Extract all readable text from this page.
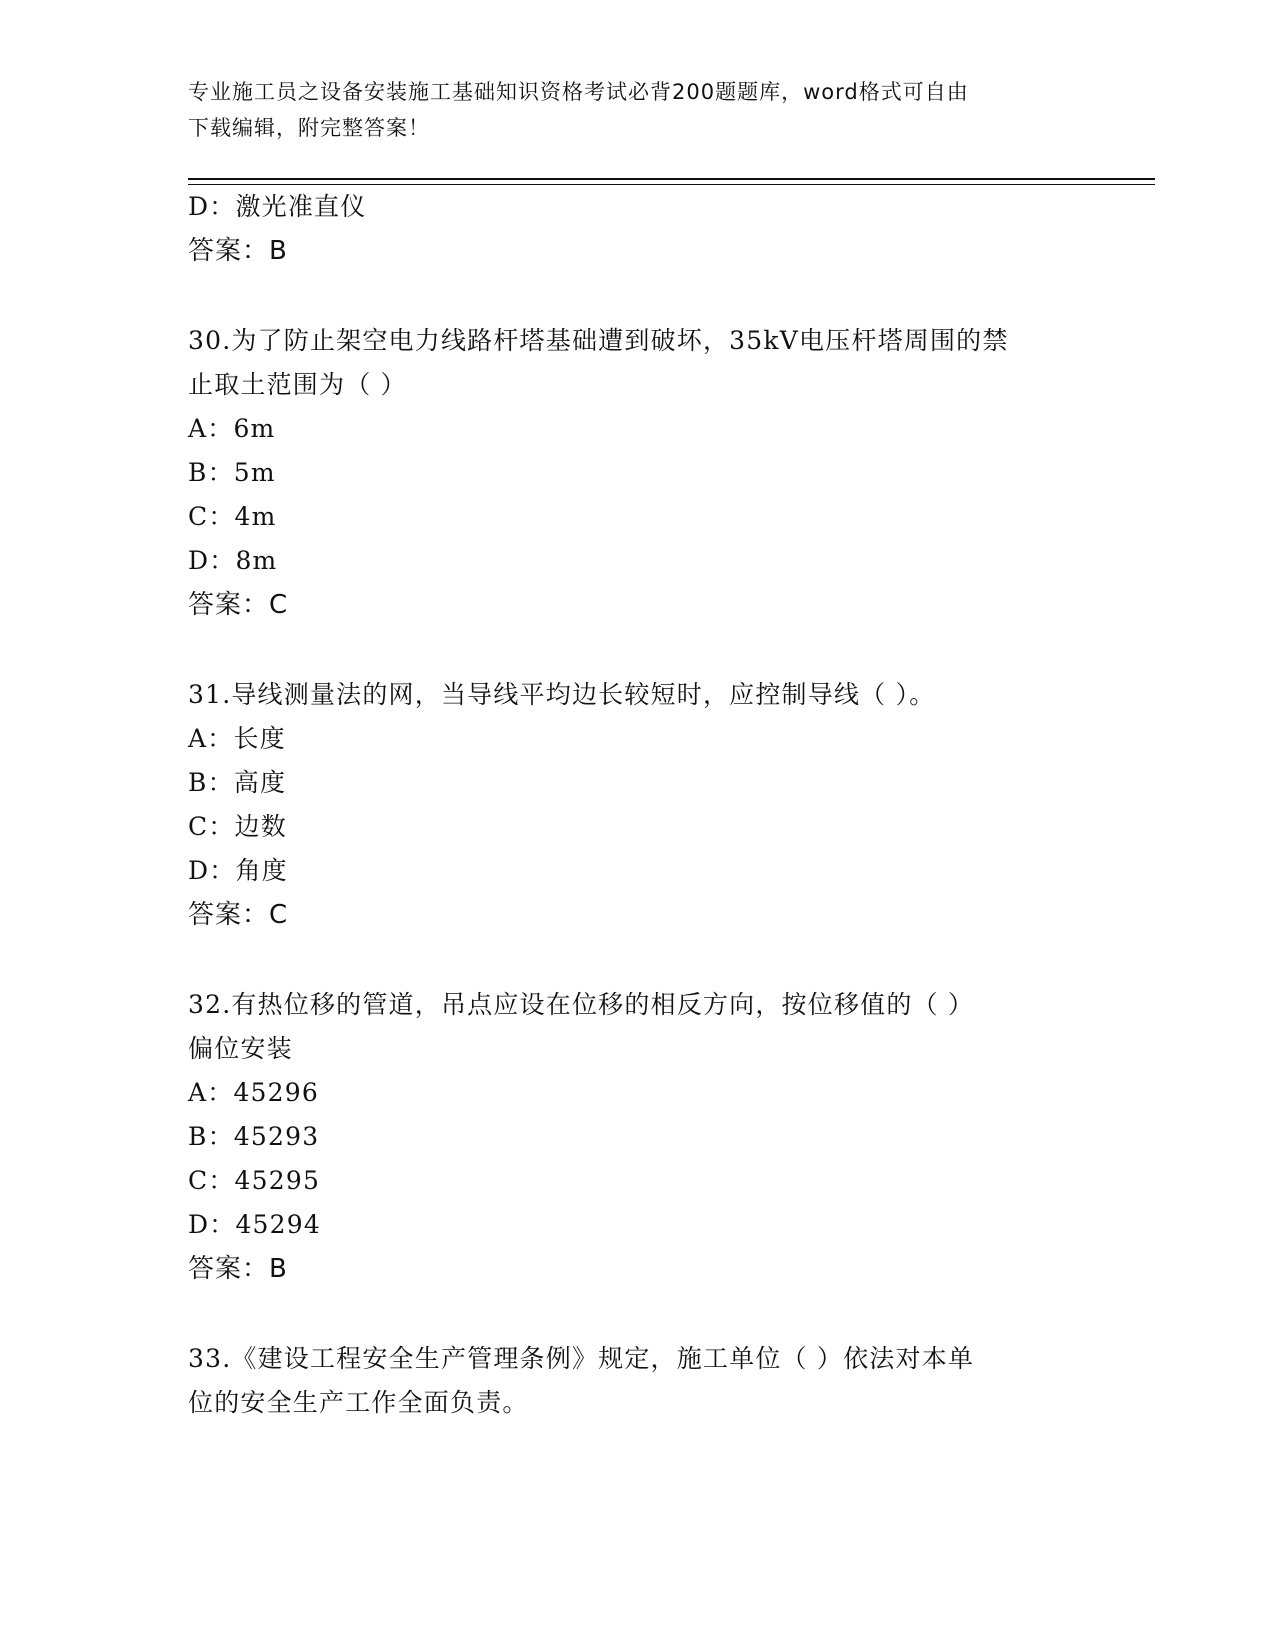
专业施工员之设备安装施工基础知识资格考试必背200题题库，word格式可自由
下载编辑，附完整答案！
D：激光准直仪
答案：B
30.为了防止架空电力线路杆塔基础遭到破坏，35kV电压杆塔周围的禁
止取土范围为（ ）
A：6m
B：5m
C：4m
D：8m
答案：C
31.导线测量法的网，当导线平均边长较短时，应控制导线（ ）。
A：长度
B：高度
C：边数
D：角度
答案：C
32.有热位移的管道，吊点应设在位移的相反方向，按位移值的（ ）
偏位安装
A：45296
B：45293
C：45295
D：45294
答案：B
33.《建设工程安全生产管理条例》规定，施工单位（ ）依法对本单
位的安全生产工作全面负责。
